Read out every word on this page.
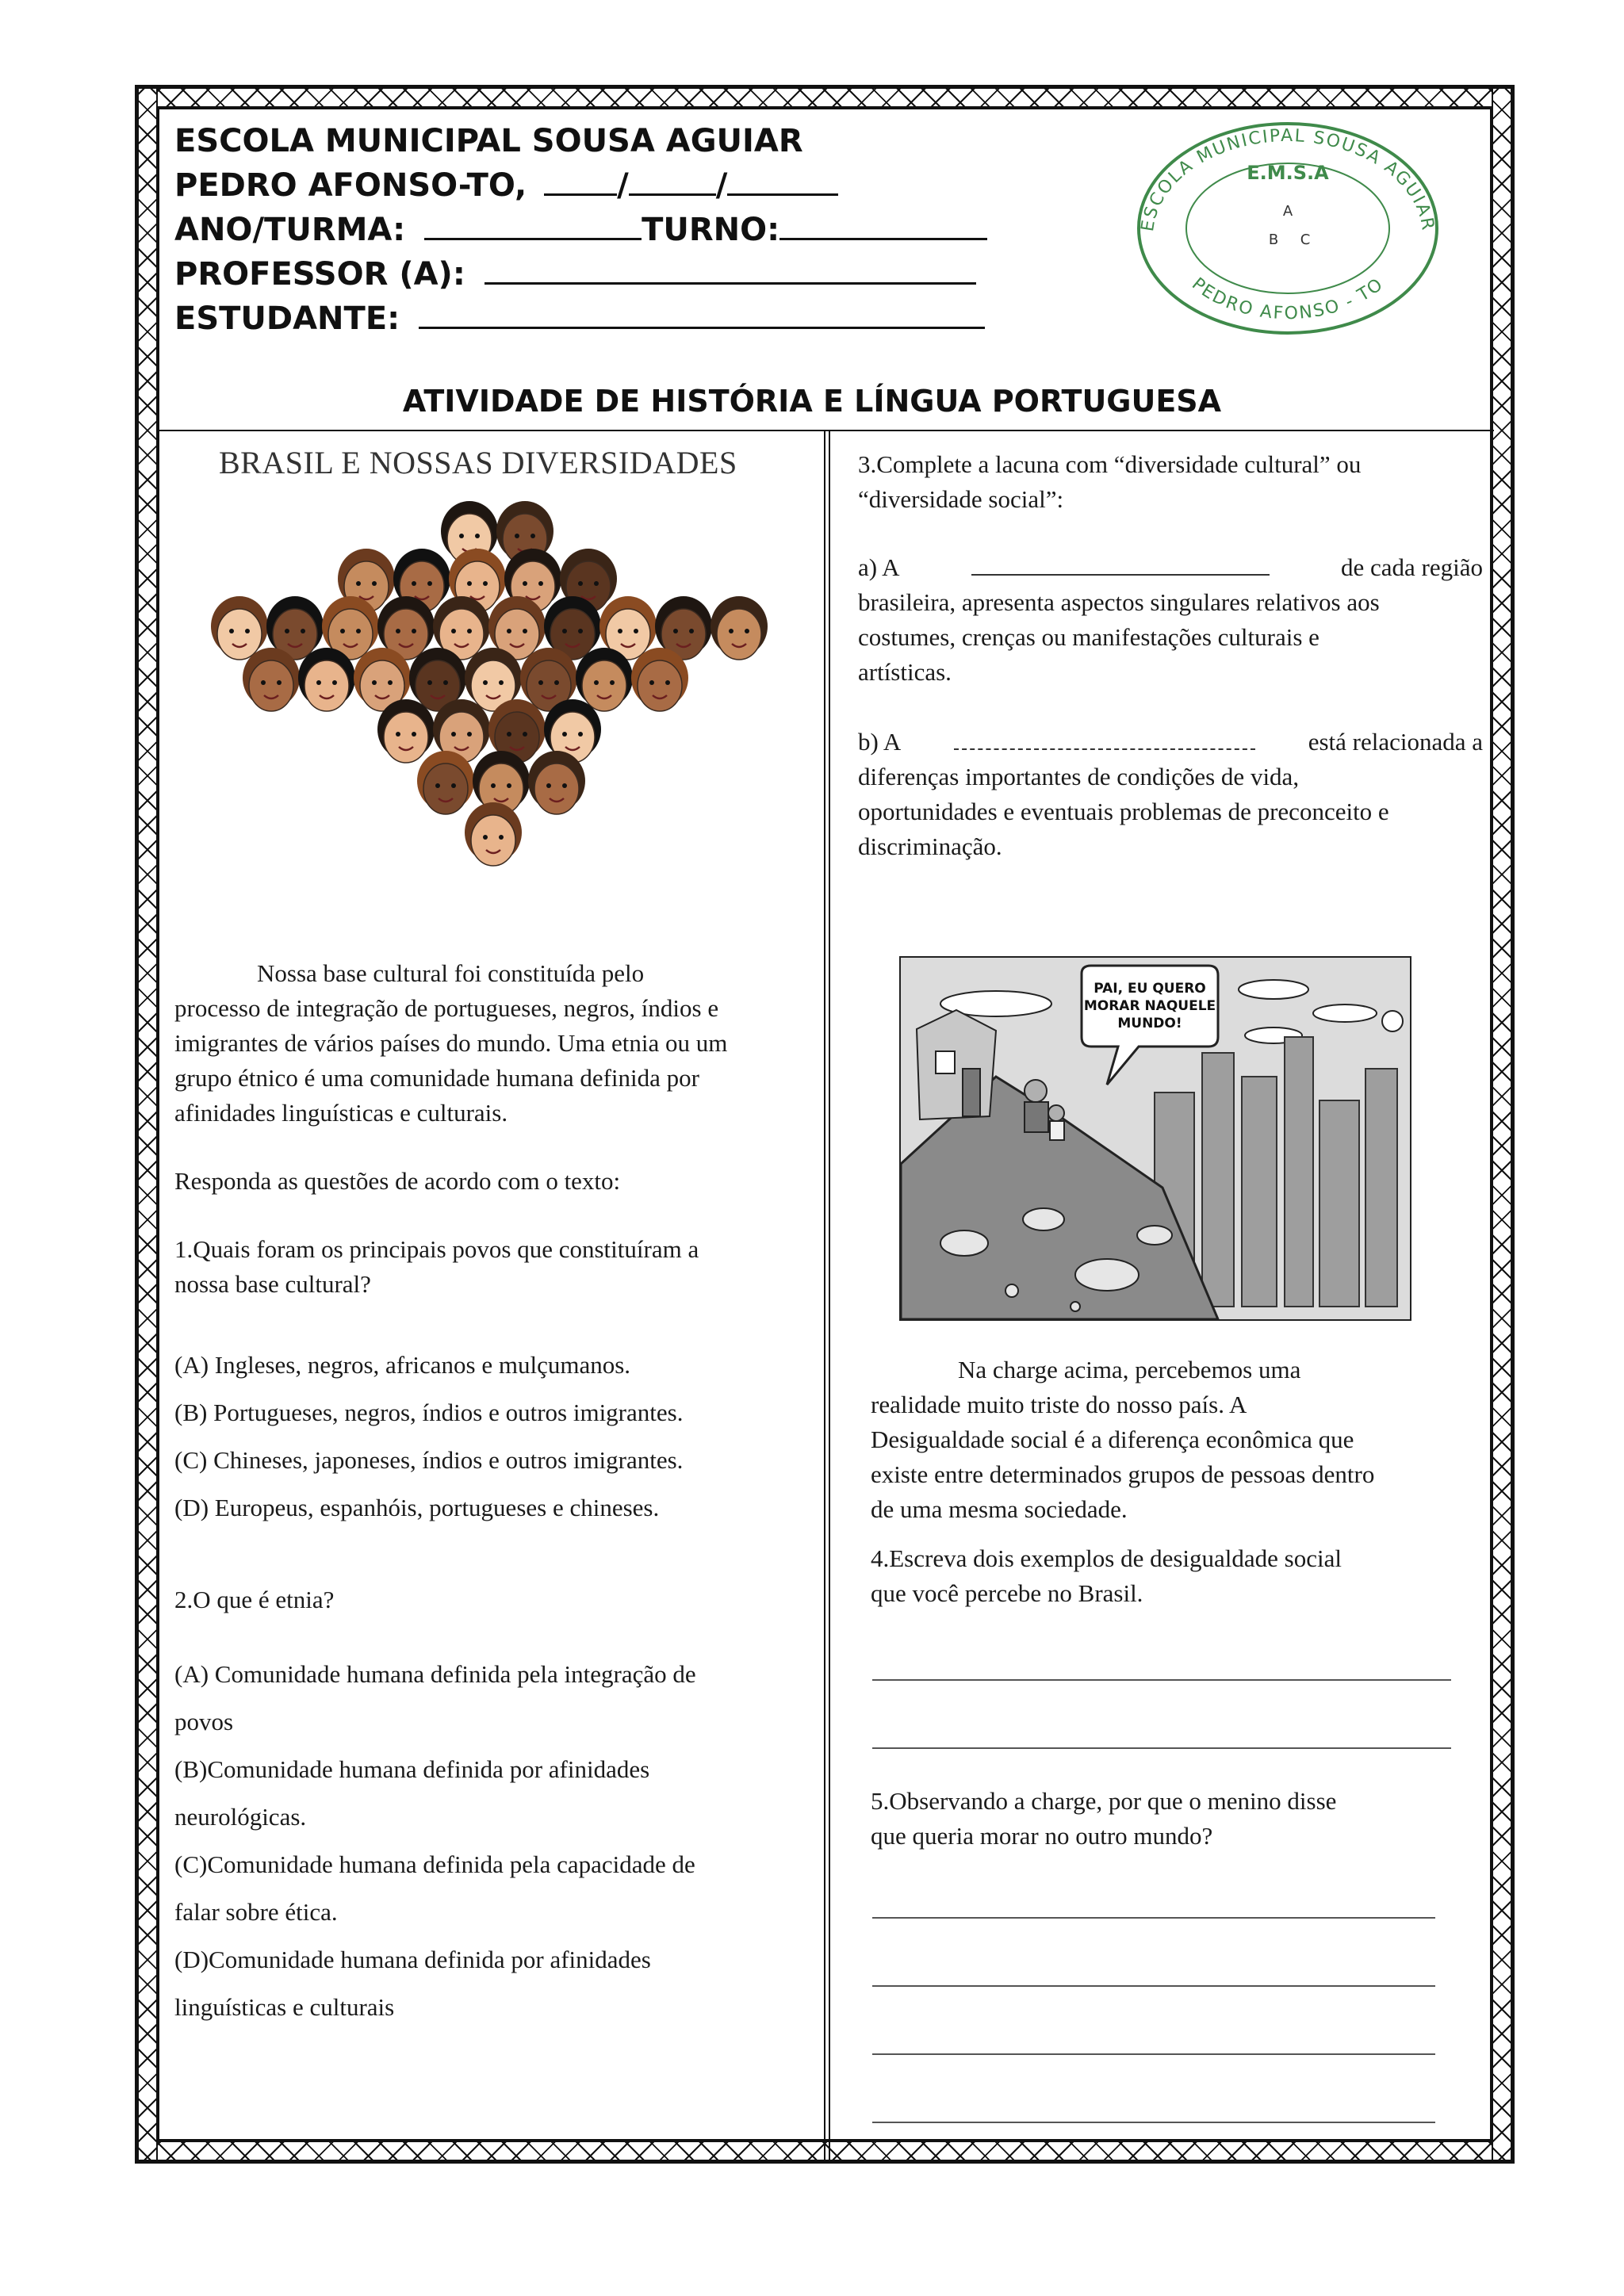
ESCOLA MUNICIPAL SOUSA AGUIAR
PEDRO AFONSO-TO,	/	/
ANO/TURMA:	TURNO:
PROFESSOR (A):
ESTUDANTE:
ESCOLA MUNICIPAL SOUSA AGUIAR
PEDRO AFONSO - TO
E.M.S.A
A
B C
ATIVIDADE DE HISTÓRIA E LÍNGUA PORTUGUESA
BRASIL E NOSSAS DIVERSIDADES
Nossa base cultural foi constituída pelo
processo de integração de portugueses, negros, índios e
imigrantes de vários países do mundo. Uma etnia ou um
grupo étnico é uma comunidade humana definida por
afinidades linguísticas e culturais.
Responda as questões de acordo com o texto:
1.Quais foram os principais povos que constituíram a
nossa base cultural?
(A) Ingleses, negros, africanos e mulçumanos.
(B) Portugueses, negros, índios e outros imigrantes.
(C) Chineses, japoneses, índios e outros imigrantes.
(D) Europeus, espanhóis, portugueses e chineses.
2.O que é etnia?
(A) Comunidade humana definida pela integração de
povos
(B)Comunidade humana definida por afinidades
neurológicas.
(C)Comunidade humana definida pela capacidade de
falar sobre ética.
(D)Comunidade humana definida por afinidades
linguísticas e culturais
3.Complete a lacuna com “diversidade cultural” ou
“diversidade social”:
a) A	de cada região
brasileira, apresenta aspectos singulares relativos aos
costumes, crenças ou manifestações culturais e
artísticas.
b) A	está relacionada a
diferenças importantes de condições de vida,
oportunidades e eventuais problemas de preconceito e
discriminação.
PAI, EU QUERO
MORAR NAQUELE
MUNDO!
Na charge acima, percebemos uma
realidade muito triste do nosso país. A
Desigualdade social é a diferença econômica que
existe entre determinados grupos de pessoas dentro
de uma mesma sociedade.
4.Escreva dois exemplos de desigualdade social
que você percebe no Brasil.
5.Observando a charge, por que o menino disse
que queria morar no outro mundo?
